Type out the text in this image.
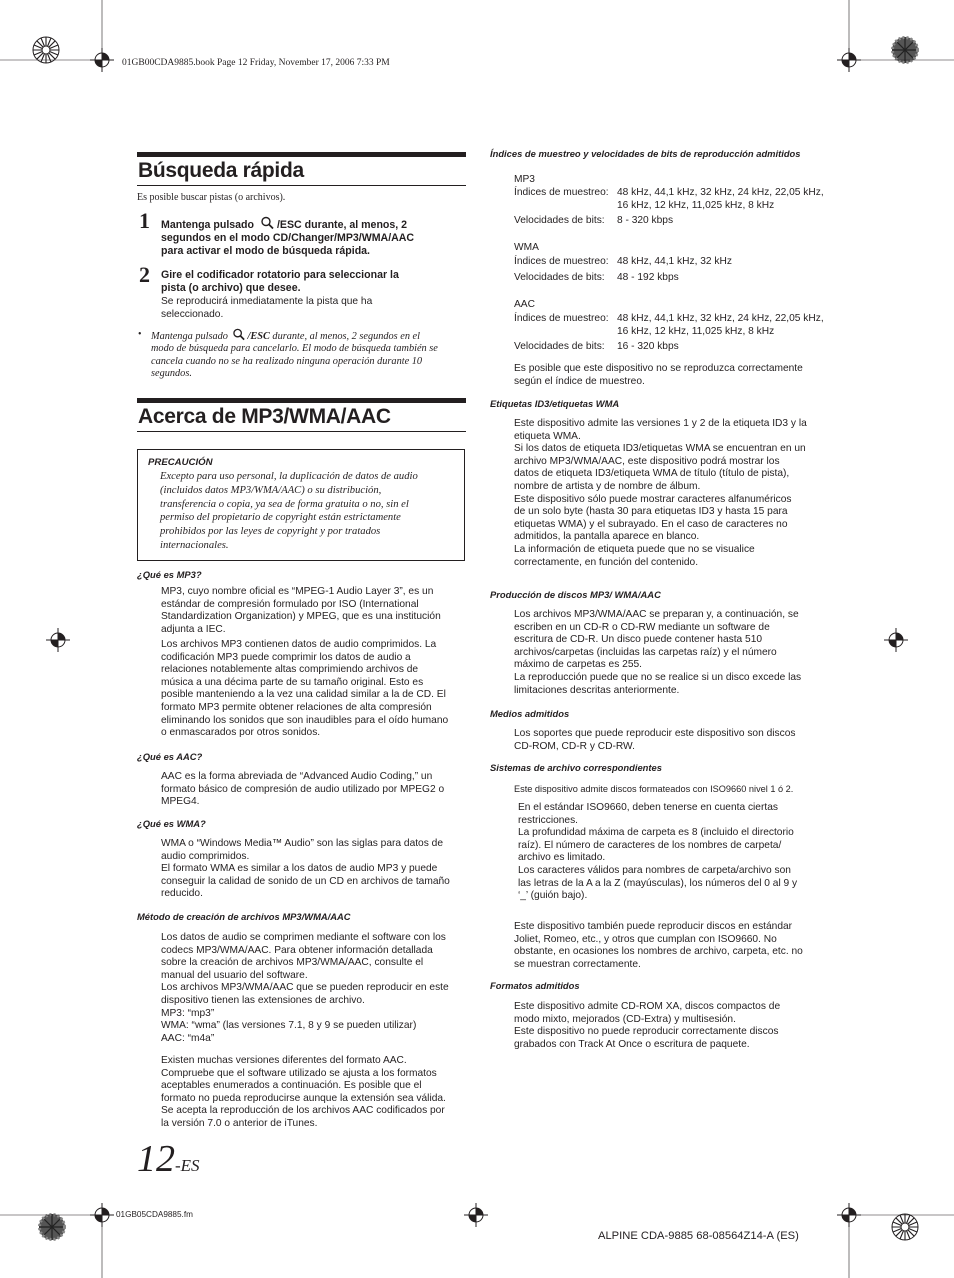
01GB00CDA9885.book Page 12 Friday, November 17, 2006 7:33 PM
Búsqueda rápida
Es posible buscar pistas (o archivos).
1 Mantenga pulsado /ESC durante, al menos, 2
segundos en el modo CD/Changer/MP3/WMA/AAC
para activar el modo de búsqueda rápida.
2 Gire el codificador rotatorio para seleccionar la
pista (o archivo) que desee.
Se reproducirá inmediatamente la pista que ha
seleccionado.
• Mantenga pulsado /ESC durante, al menos, 2 segundos en el
modo de búsqueda para cancelarlo. El modo de búsqueda también se
cancela cuando no se ha realizado ninguna operación durante 10
segundos.
Acerca de MP3/WMA/AAC
PRECAUCIÓN
Excepto para uso personal, la duplicación de datos de audio
(incluidos datos MP3/WMA/AAC) o su distribución,
transferencia o copia, ya sea de forma gratuita o no, sin el
permiso del propietario de copyright están estrictamente
prohibidos por las leyes de copyright y por tratados
internacionales.
¿Qué es MP3?
MP3, cuyo nombre oficial es “MPEG-1 Audio Layer 3”, es un
estándar de compresión formulado por ISO (International
Standardization Organization) y MPEG, que es una institución
adjunta a IEC.
Los archivos MP3 contienen datos de audio comprimidos. La
codificación MP3 puede comprimir los datos de audio a
relaciones notablemente altas comprimiendo archivos de
música a una décima parte de su tamaño original. Esto es
posible manteniendo a la vez una calidad similar a la de CD. El
formato MP3 permite obtener relaciones de alta compresión
eliminando los sonidos que son inaudibles para el oído humano
o enmascarados por otros sonidos.
¿Qué es AAC?
AAC es la forma abreviada de “Advanced Audio Coding,” un
formato básico de compresión de audio utilizado por MPEG2 o
MPEG4.
¿Qué es WMA?
WMA o “Windows Media™ Audio” son las siglas para datos de
audio comprimidos.
El formato WMA es similar a los datos de audio MP3 y puede
conseguir la calidad de sonido de un CD en archivos de tamaño
reducido.
Método de creación de archivos MP3/WMA/AAC
Los datos de audio se comprimen mediante el software con los
codecs MP3/WMA/AAC. Para obtener información detallada
sobre la creación de archivos MP3/WMA/AAC, consulte el
manual del usuario del software.
Los archivos MP3/WMA/AAC que se pueden reproducir en este
dispositivo tienen las extensiones de archivo.
MP3: “mp3”
WMA: “wma” (las versiones 7.1, 8 y 9 se pueden utilizar)
AAC: “m4a”
Existen muchas versiones diferentes del formato AAC.
Compruebe que el software utilizado se ajusta a los formatos
aceptables enumerados a continuación. Es posible que el
formato no pueda reproducirse aunque la extensión sea válida.
Se acepta la reproducción de los archivos AAC codificados por
la versión 7.0 o anterior de iTunes.
Índices de muestreo y velocidades de bits de reproducción admitidos
MP3
Índices de muestreo: 48 kHz, 44,1 kHz, 32 kHz, 24 kHz, 22,05 kHz,
16 kHz, 12 kHz, 11,025 kHz, 8 kHz
Velocidades de bits:	8 - 320 kbps
WMA
Índices de muestreo: 48 kHz, 44,1 kHz, 32 kHz
Velocidades de bits:	48 - 192 kbps
AAC
Índices de muestreo: 48 kHz, 44,1 kHz, 32 kHz, 24 kHz, 22,05 kHz,
16 kHz, 12 kHz, 11,025 kHz, 8 kHz
Velocidades de bits:	16 - 320 kbps
Es posible que este dispositivo no se reproduzca correctamente
según el índice de muestreo.
Etiquetas ID3/etiquetas WMA
Este dispositivo admite las versiones 1 y 2 de la etiqueta ID3 y la
etiqueta WMA.
Si los datos de etiqueta ID3/etiquetas WMA se encuentran en un
archivo MP3/WMA/AAC, este dispositivo podrá mostrar los
datos de etiqueta ID3/etiqueta WMA de título (título de pista),
nombre de artista y de nombre de álbum.
Este dispositivo sólo puede mostrar caracteres alfanuméricos
de un solo byte (hasta 30 para etiquetas ID3 y hasta 15 para
etiquetas WMA) y el subrayado. En el caso de caracteres no
admitidos, la pantalla aparece en blanco.
La información de etiqueta puede que no se visualice
correctamente, en función del contenido.
Producción de discos MP3/ WMA/AAC
Los archivos MP3/WMA/AAC se preparan y, a continuación, se
escriben en un CD-R o CD-RW mediante un software de
escritura de CD-R. Un disco puede contener hasta 510
archivos/carpetas (incluidas las carpetas raíz) y el número
máximo de carpetas es 255.
La reproducción puede que no se realice si un disco excede las
limitaciones descritas anteriormente.
Medios admitidos
Los soportes que puede reproducir este dispositivo son discos
CD-ROM, CD-R y CD-RW.
Sistemas de archivo correspondientes
Este dispositivo admite discos formateados con ISO9660 nivel 1 ó 2.
En el estándar ISO9660, deben tenerse en cuenta ciertas
restricciones.
La profundidad máxima de carpeta es 8 (incluido el directorio
raíz). El número de caracteres de los nombres de carpeta/
archivo es limitado.
Los caracteres válidos para nombres de carpeta/archivo son
las letras de la A a la Z (mayúsculas), los números del 0 al 9 y
‘_’ (guión bajo).
Este dispositivo también puede reproducir discos en estándar
Joliet, Romeo, etc., y otros que cumplan con ISO9660. No
obstante, en ocasiones los nombres de archivo, carpeta, etc. no
se muestran correctamente.
Formatos admitidos
Este dispositivo admite CD-ROM XA, discos compactos de
modo mixto, mejorados (CD-Extra) y multisesión.
Este dispositivo no puede reproducir correctamente discos
grabados con Track At Once o escritura de paquete.
12-ES
01GB05CDA9885.fm
ALPINE CDA-9885 68-08564Z14-A (ES)
